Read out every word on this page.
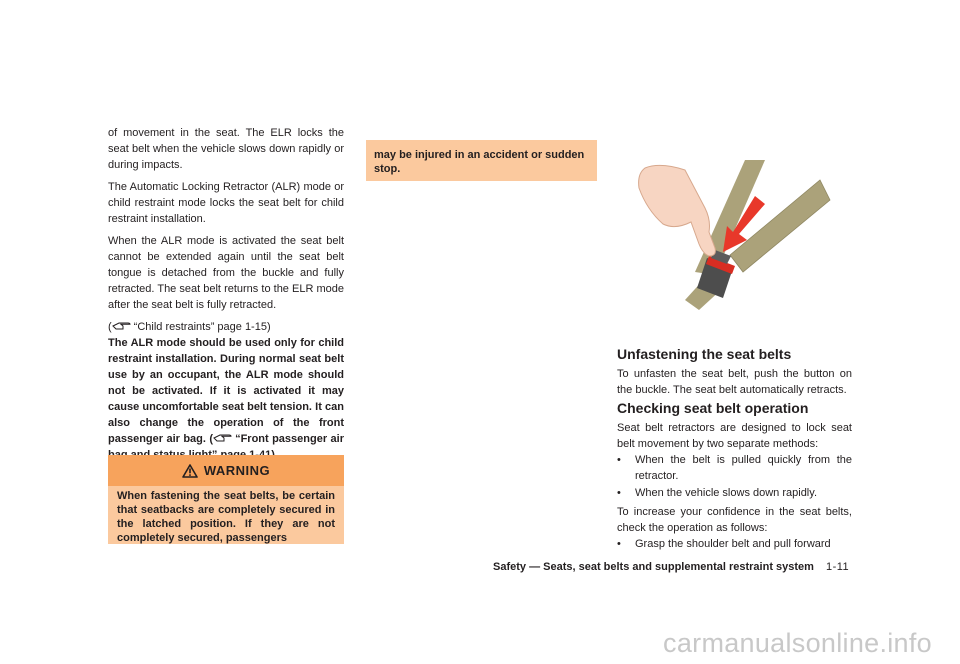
of movement in the seat. The ELR locks the seat belt when the vehicle slows down rapidly or during impacts.

The Automatic Locking Retractor (ALR) mode or child restraint mode locks the seat belt for child restraint installation.

When the ALR mode is activated the seat belt cannot be extended again until the seat belt tongue is detached from the buckle and fully retracted. The seat belt returns to the ELR mode after the seat belt is fully retracted.

( “Child restraints” page 1-15)

The ALR mode should be used only for child restraint installation. During normal seat belt use by an occupant, the ALR mode should not be activated. If it is activated it may cause uncomfortable seat belt tension. It can also change the operation of the front passenger air bag. ( “Front passenger air

WARNING
When fastening the seat belts, be certain that seatbacks are completely secured in the latched position. If they are not completely secured, passengers
may be injured in an accident or sudden stop.
Unfastening the seat belts
To unfasten the seat belt, push the button on the buckle. The seat belt automatically retracts.
Checking seat belt operation
Seat belt retractors are designed to lock seat belt movement by two separate methods:
• When the belt is pulled quickly from the retractor.
• When the vehicle slows down rapidly.
To increase your confidence in the seat belts, check the operation as follows:
• Grasp the shoulder belt and pull forward
Safety — Seats, seat belts and supplemental restraint system 1-11
carmanualsonline.info
